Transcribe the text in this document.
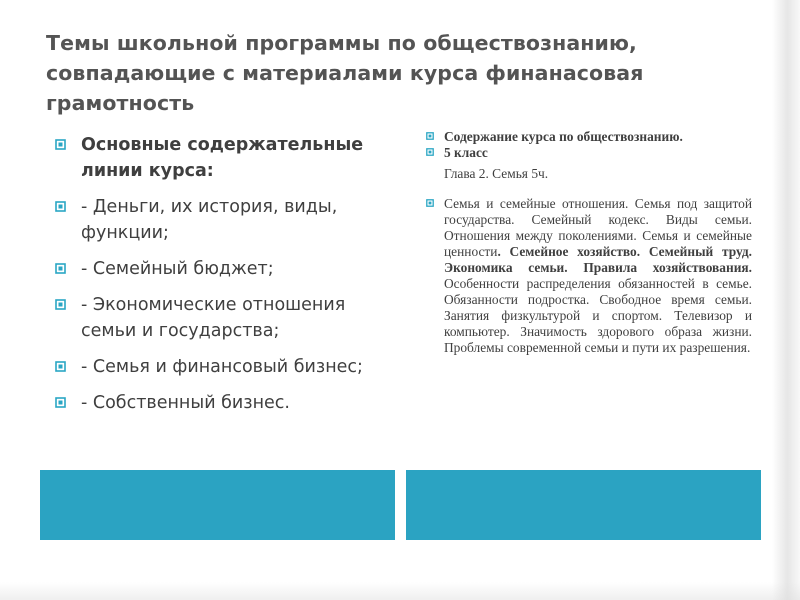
Темы школьной программы по обществознанию, совпадающие с материалами курса финанасовая грамотность
Основные содержательные линии курса:
- Деньги, их история, виды, функции;
- Семейный бюджет;
- Экономические отношения семьи и государства;
- Семья и финансовый бизнес;
- Собственный бизнес.
Содержание курса по обществознанию.
5 класс
Глава 2. Семья 5ч.
Семья и семейные отношения. Семья под защитой государства. Семейный кодекс. Виды семьи. Отношения между поколениями. Семья и семейные ценности. Семейное хозяйство. Семейный труд. Экономика семьи. Правила хозяйствования. Особенности распределения обязанностей в семье. Обязанности подростка. Свободное время семьи. Занятия физкультурой и спортом. Телевизор и компьютер. Значимость здорового образа жизни. Проблемы современной семьи и пути их разрешения.
